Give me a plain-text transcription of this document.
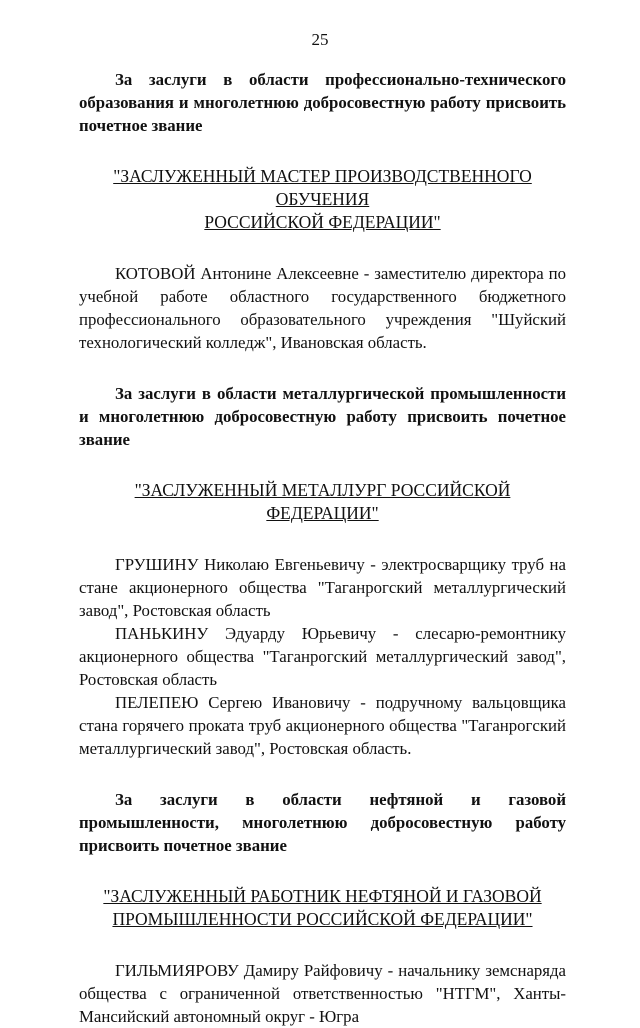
25

За заслуги в области профессионально-технического образования и многолетнюю добросовестную работу присвоить почетное звание

"ЗАСЛУЖЕННЫЙ МАСТЕР ПРОИЗВОДСТВЕННОГО ОБУЧЕНИЯ
РОССИЙСКОЙ ФЕДЕРАЦИИ"

КОТОВОЙ Антонине Алексеевне - заместителю директора по учебной работе областного государственного бюджетного профессионального образовательного учреждения "Шуйский технологический колледж", Ивановская область.

За заслуги в области металлургической промышленности и многолетнюю добросовестную работу присвоить почетное звание

"ЗАСЛУЖЕННЫЙ МЕТАЛЛУРГ РОССИЙСКОЙ ФЕДЕРАЦИИ"

ГРУШИНУ Николаю Евгеньевичу - электросварщику труб на стане акционерного общества "Таганрогский металлургический завод", Ростовская область

ПАНЬКИНУ Эдуарду Юрьевичу - слесарю-ремонтнику акционерного общества "Таганрогский металлургический завод", Ростовская область

ПЕЛЕПЕЮ Сергею Ивановичу - подручному вальцовщика стана горячего проката труб акционерного общества "Таганрогский металлургический завод", Ростовская область.

За заслуги в области нефтяной и газовой промышленности, многолетнюю добросовестную работу присвоить почетное звание

"ЗАСЛУЖЕННЫЙ РАБОТНИК НЕФТЯНОЙ И ГАЗОВОЙ
ПРОМЫШЛЕННОСТИ РОССИЙСКОЙ ФЕДЕРАЦИИ"

ГИЛЬМИЯРОВУ Дамиру Райфовичу - начальнику земснаряда общества с ограниченной ответственностью "НТГМ", Ханты-Мансийский автономный округ - Югра
